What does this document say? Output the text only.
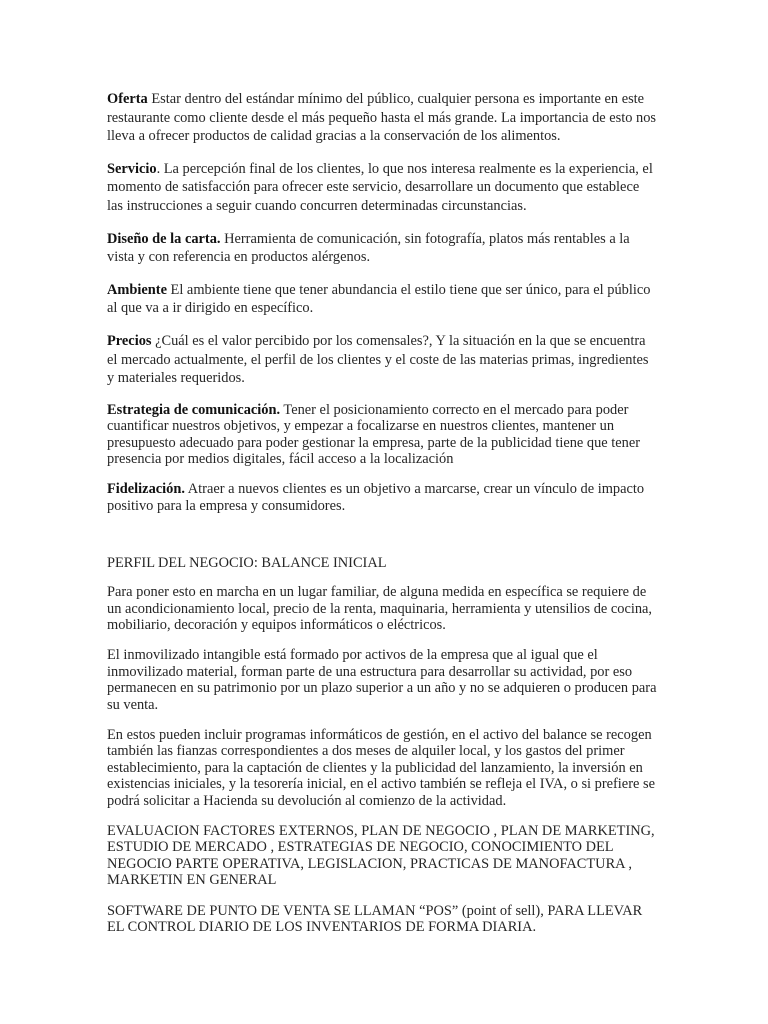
Oferta Estar dentro del estándar mínimo del público, cualquier persona es importante en este restaurante como cliente desde el más pequeño hasta el más grande. La importancia de esto nos lleva a ofrecer productos de calidad gracias a la conservación de los alimentos.

Servicio. La percepción final de los clientes, lo que nos interesa realmente es la experiencia, el momento de satisfacción para ofrecer este servicio, desarrollare un documento que establece las instrucciones a seguir cuando concurren determinadas circunstancias.

Diseño de la carta. Herramienta de comunicación, sin fotografía, platos más rentables a la vista y con referencia en productos alérgenos.

Ambiente El ambiente tiene que tener abundancia el estilo tiene que ser único, para el público al que va a ir dirigido en específico.

Precios ¿Cuál es el valor percibido por los comensales?, Y la situación en la que se encuentra el mercado actualmente, el perfil de los clientes y el coste de las materias primas, ingredientes y materiales requeridos.

Estrategia de comunicación. Tener el posicionamiento correcto en el mercado para poder cuantificar nuestros objetivos, y empezar a focalizarse en nuestros clientes, mantener un presupuesto adecuado para poder gestionar la empresa, parte de la publicidad tiene que tener presencia por medios digitales, fácil acceso a la localización

Fidelización. Atraer a nuevos clientes es un objetivo a marcarse, crear un vínculo de impacto positivo para la empresa y consumidores.

PERFIL DEL NEGOCIO: BALANCE INICIAL

Para poner esto en marcha en un lugar familiar, de alguna medida en específica se requiere de un acondicionamiento local, precio de la renta, maquinaria, herramienta y utensilios de cocina, mobiliario, decoración y equipos informáticos o eléctricos.

El inmovilizado intangible está formado por activos de la empresa que al igual que el inmovilizado material, forman parte de una estructura para desarrollar su actividad, por eso permanecen en su patrimonio por un plazo superior a un año y no se adquieren o producen para su venta.

En estos pueden incluir programas informáticos de gestión, en el activo del balance se recogen también las fianzas correspondientes a dos meses de alquiler local, y los gastos del primer establecimiento, para la captación de clientes y la publicidad del lanzamiento, la inversión en existencias iniciales, y la tesorería inicial, en el activo también se refleja el IVA, o si prefiere se podrá solicitar a Hacienda su devolución al comienzo de la actividad.

EVALUACION FACTORES EXTERNOS, PLAN DE NEGOCIO , PLAN DE MARKETING, ESTUDIO DE MERCADO , ESTRATEGIAS DE NEGOCIO, CONOCIMIENTO DEL NEGOCIO PARTE OPERATIVA, LEGISLACION, PRACTICAS DE MANOFACTURA , MARKETIN EN GENERAL

SOFTWARE DE PUNTO DE VENTA SE LLAMAN “POS” (point of sell), PARA LLEVAR EL CONTROL DIARIO DE LOS INVENTARIOS DE FORMA DIARIA.
